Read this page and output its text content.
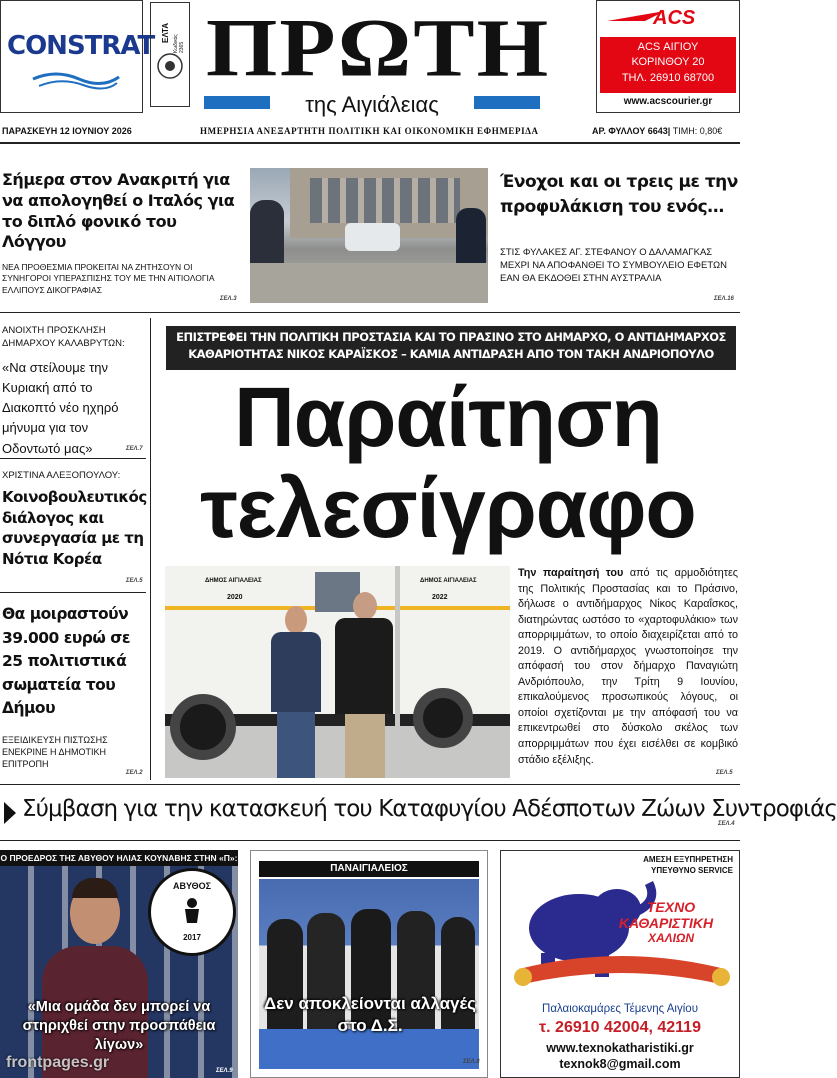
CONSTRAT ΕΛΤΑ
Κωδικός 2365 ΠΡΩΤΗ
της Αιγιάλειας
ACS
ACS ΑΙΓΙΟΥ
ΚΟΡΙΝΘΟΥ 20
ΤΗΛ. 26910 68700
www.acscourier.gr
ΠΑΡΑΣΚΕΥΗ 12 ΙΟΥΝΙΟΥ 2026	ΗΜΕΡΗΣΙΑ ΑΝΕΞΑΡΤΗΤΗ ΠΟΛΙΤΙΚΗ ΚΑΙ ΟΙΚΟΝΟΜΙΚΗ ΕΦΗΜΕΡΙΔΑ	ΑΡ. ΦΥΛΛΟΥ 6643| ΤΙΜΗ: 0,80€
Σήμερα στον Ανακριτή για να απολογηθεί ο Ιταλός για το διπλό φονικό του Λόγγου
ΝΕΑ ΠΡΟΘΕΣΜΙΑ ΠΡΟΚΕΙΤΑΙ ΝΑ ΖΗΤΗΣΟΥΝ ΟΙ ΣΥΝΗΓΟΡΟΙ ΥΠΕΡΑΣΠΙΣΗΣ ΤΟΥ ΜΕ ΤΗΝ ΑΙΤΙΟΛΟΓΙΑ ΕΛΛΙΠΟΥΣ ΔΙΚΟΓΡΑΦΙΑΣ
ΣΕΛ.3
Ένοχοι και οι τρεις με την προφυλάκιση του ενός…
ΣΤΙΣ ΦΥΛΑΚΕΣ ΑΓ. ΣΤΕΦΑΝΟΥ Ο ΔΑΛΑΜΑΓΚΑΣ ΜΕΧΡΙ ΝΑ ΑΠΟΦΑΝΘΕΙ ΤΟ ΣΥΜΒΟΥΛΕΙΟ ΕΦΕΤΩΝ ΕΑΝ ΘΑ ΕΚΔΟΘΕΙ ΣΤΗΝ ΑΥΣΤΡΑΛΙΑ
ΣΕΛ.16
ΑΝΟΙΧΤΗ ΠΡΟΣΚΛΗΣΗ ΔΗΜΑΡΧΟΥ ΚΑΛΑΒΡΥΤΩΝ:
«Να στείλουμε την Κυριακή από το Διακοπτό νέο ηχηρό μήνυμα για τον Οδοντωτό μας»	ΣΕΛ.7
ΧΡΙΣΤΙΝΑ ΑΛΕΞΟΠΟΥΛΟΥ:
Κοινοβουλευτικός διάλογος και συνεργασία με τη Νότια Κορέα
ΣΕΛ.5
Θα μοιραστούν 39.000 ευρώ σε 25 πολιτιστικά σωματεία του Δήμου
ΕΞΕΙΔΙΚΕΥΣΗ ΠΙΣΤΩΣΗΣ ΕΝΕΚΡΙΝΕ Η ΔΗΜΟΤΙΚΗ ΕΠΙΤΡΟΠΗ
ΣΕΛ.2
ΕΠΙΣΤΡΕΦΕΙ ΤΗΝ ΠΟΛΙΤΙΚΗ ΠΡΟΣΤΑΣΙΑ ΚΑΙ ΤΟ ΠΡΑΣΙΝΟ ΣΤΟ ΔΗΜΑΡΧΟ, Ο ΑΝΤΙΔΗΜΑΡΧΟΣ ΚΑΘΑΡΙΟΤΗΤΑΣ ΝΙΚΟΣ ΚΑΡΑΪΣΚΟΣ – ΚΑΜΙΑ ΑΝΤΙΔΡΑΣΗ ΑΠΟ ΤΟΝ ΤΑΚΗ ΑΝΔΡΙΟΠΟΥΛΟ
Παραίτηση
τελεσίγραφο
ΔΗΜΟΣ ΑΙΓΙΑΛΕΙΑΣ
2020
ΔΗΜΟΣ ΑΙΓΙΑΛΕΙΑΣ
2022
Την παραίτησή του από τις αρμοδιότητες της Πολιτικής Προστασίας και το Πράσινο, δήλωσε ο αντιδήμαρχος Νίκος Καραΐσκος, διατηρώντας ωστόσο το «χαρτοφυλάκιο» των απορριμμάτων, το οποίο διαχειρίζεται από το 2019. Ο αντιδήμαρχος γνωστοποίησε την απόφασή του στον δήμαρχο Παναγιώτη Ανδριόπουλο, την Τρίτη 9 Ιουνίου, επικαλούμενος προσωπικούς λόγους, οι οποίοι σχετίζονται με την απόφασή του να επικεντρωθεί στο δύσκολο σκέλος των απορριμμάτων που έχει εισέλθει σε κομβικό στάδιο εξέλιξης.
ΣΕΛ.5
Σύμβαση για την κατασκευή του Καταφυγίου Αδέσποτων Ζώων Συντροφιάς
ΣΕΛ.4
Ο ΠΡΟΕΔΡΟΣ ΤΗΣ ΑΒΥΘΟΥ ΗΛΙΑΣ ΚΟΥΝΑΒΗΣ ΣΤΗΝ «Π»:
ΑΒΥΘΟΣ
2017
«Μια ομάδα δεν μπορεί να στηριχθεί στην προσπάθεια λίγων»
ΣΕΛ.9
ΠΑΝΑΙΓΙΑΛΕΙΟΣ
Δεν αποκλείονται αλλαγές στο Δ.Σ.
ΣΕΛ.8
ΑΜΕΣΗ ΕΞΥΠΗΡΕΤΗΣΗ
ΥΠΕΥΘΥΝΟ SERVICE
ΤΕΧΝΟ
ΚΑΘΑΡΙΣΤΙΚΗ
ΧΑΛΙΩΝ
Παλαιοκαμάρες Τέμενης Αιγίου
τ. 26910 42004, 42119
www.texnokatharistiki.gr
texnok8@gmail.com
frontpages.gr
